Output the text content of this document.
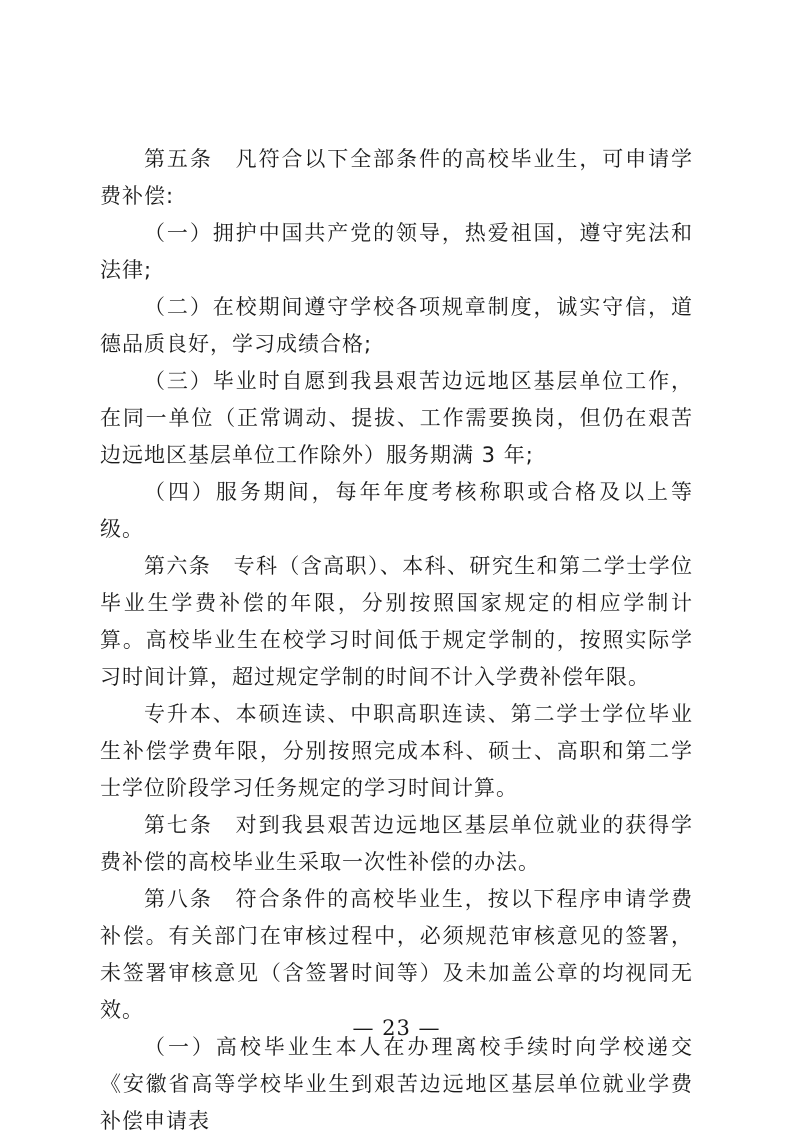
第五条　凡符合以下全部条件的高校毕业生，可申请学费补偿:

（一）拥护中国共产党的领导，热爱祖国，遵守宪法和法律;

（二）在校期间遵守学校各项规章制度，诚实守信，道德品质良好，学习成绩合格;

（三）毕业时自愿到我县艰苦边远地区基层单位工作，在同一单位（正常调动、提拔、工作需要换岗，但仍在艰苦边远地区基层单位工作除外）服务期满 3 年;

（四）服务期间，每年年度考核称职或合格及以上等级。

第六条　专科（含高职）、本科、研究生和第二学士学位毕业生学费补偿的年限，分别按照国家规定的相应学制计算。高校毕业生在校学习时间低于规定学制的，按照实际学习时间计算，超过规定学制的时间不计入学费补偿年限。

专升本、本硕连读、中职高职连读、第二学士学位毕业生补偿学费年限，分别按照完成本科、硕士、高职和第二学士学位阶段学习任务规定的学习时间计算。

第七条　对到我县艰苦边远地区基层单位就业的获得学费补偿的高校毕业生采取一次性补偿的办法。

第八条　符合条件的高校毕业生，按以下程序申请学费补偿。有关部门在审核过程中，必须规范审核意见的签署，未签署审核意见（含签署时间等）及未加盖公章的均视同无效。

（一）高校毕业生本人在办理离校手续时向学校递交《安徽省高等学校毕业生到艰苦边远地区基层单位就业学费补偿申请表

— 23 —
